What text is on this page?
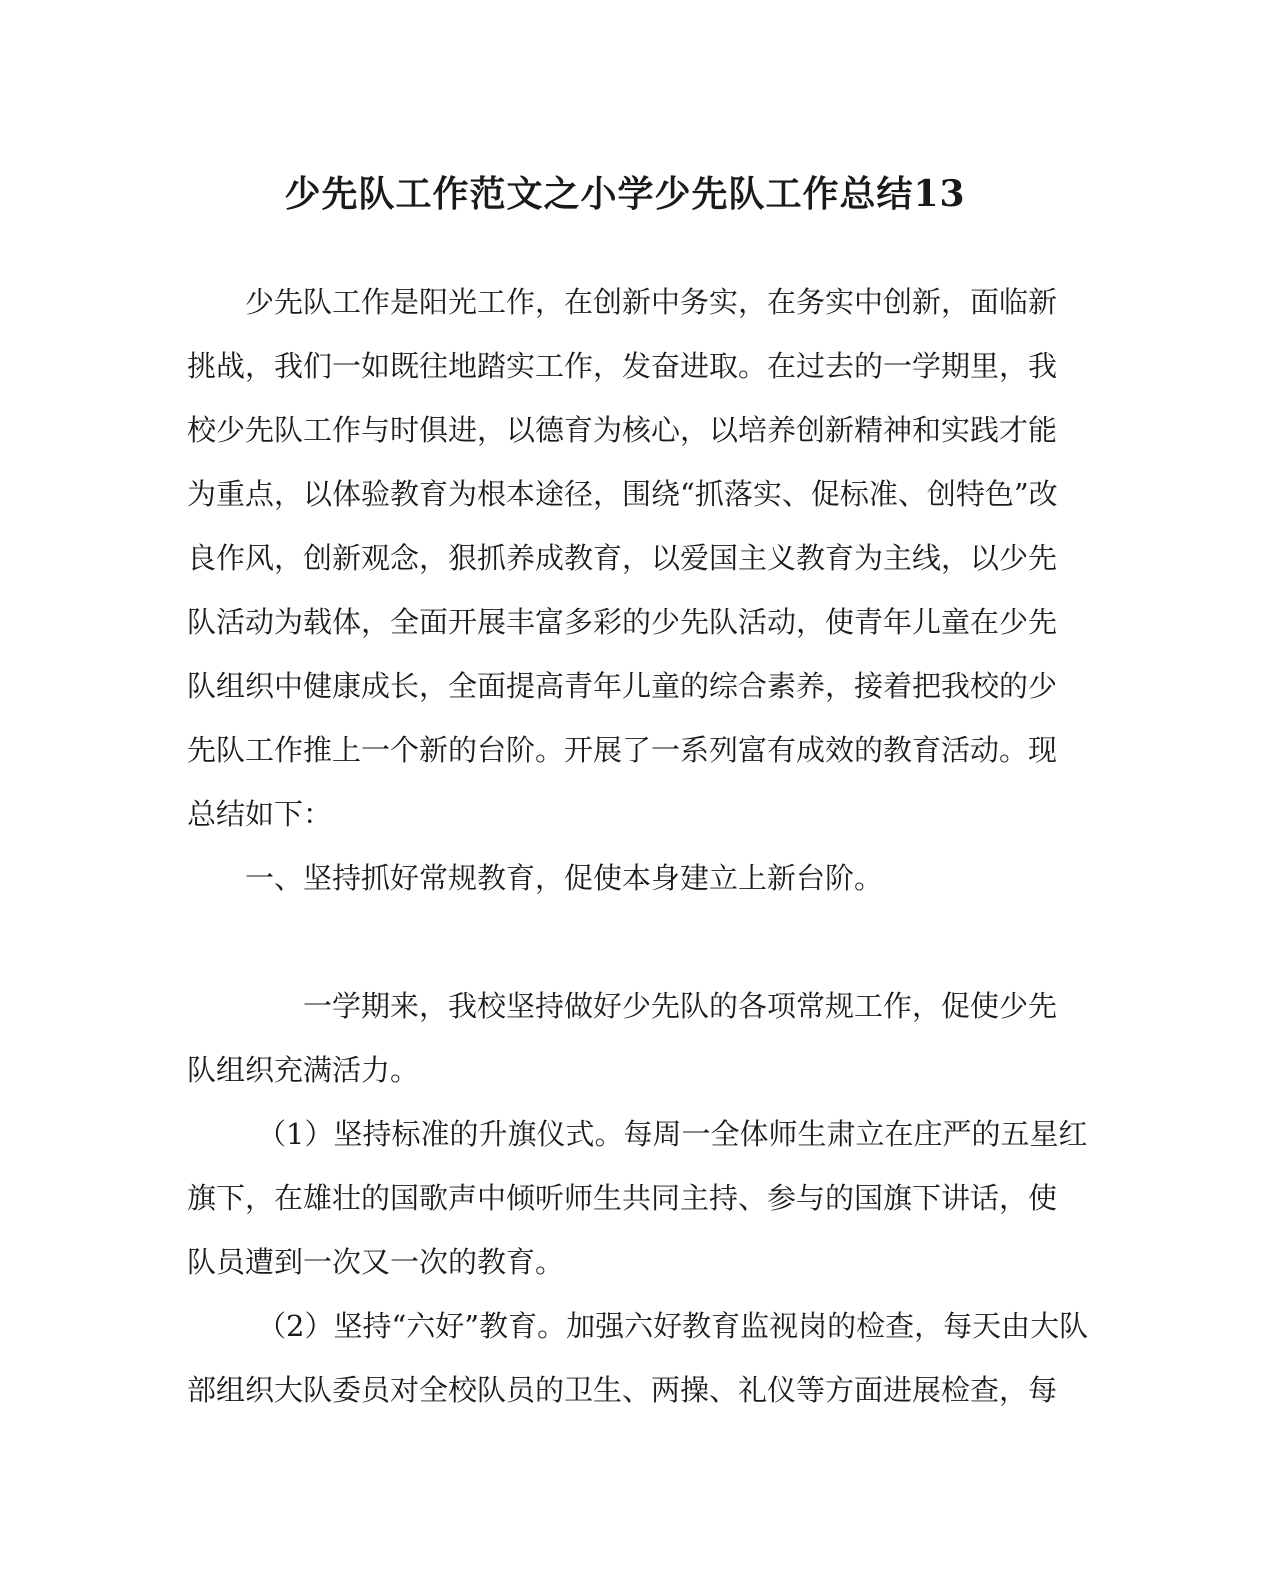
少先队工作范文之小学少先队工作总结13
少先队工作是阳光工作，在创新中务实，在务实中创新，面临新
挑战，我们一如既往地踏实工作，发奋进取。在过去的一学期里，我
校少先队工作与时俱进，以德育为核心，以培养创新精神和实践才能
为重点，以体验教育为根本途径，围绕“抓落实、促标准、创特色”改
良作风，创新观念，狠抓养成教育，以爱国主义教育为主线，以少先
队活动为载体，全面开展丰富多彩的少先队活动，使青年儿童在少先
队组织中健康成长，全面提高青年儿童的综合素养，接着把我校的少
先队工作推上一个新的台阶。开展了一系列富有成效的教育活动。现
总结如下：
一、坚持抓好常规教育，促使本身建立上新台阶。
一学期来，我校坚持做好少先队的各项常规工作，促使少先
队组织充满活力。
（1）坚持标准的升旗仪式。每周一全体师生肃立在庄严的五星红
旗下，在雄壮的国歌声中倾听师生共同主持、参与的国旗下讲话，使
队员遭到一次又一次的教育。
（2）坚持“六好”教育。加强六好教育监视岗的检查，每天由大队
部组织大队委员对全校队员的卫生、两操、礼仪等方面进展检查，每
